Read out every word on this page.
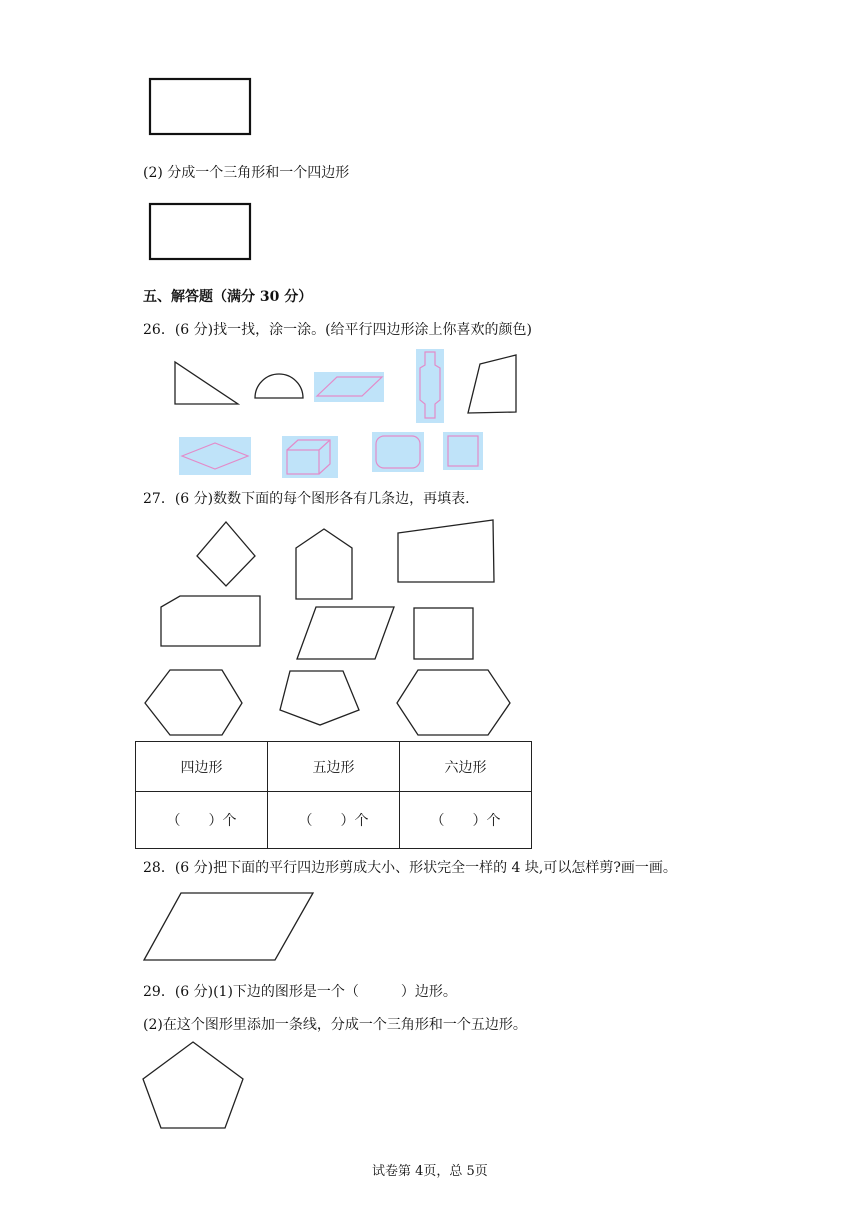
(2) 分成一个三角形和一个四边形
五、解答题（满分 30 分）
26．(6 分)找一找，涂一涂。(给平行四边形涂上你喜欢的颜色)
27．(6 分)数数下面的每个图形各有几条边，再填表.
四边形	五边形	六边形
（　　）个	（　　）个	（　　）个
28．(6 分)把下面的平行四边形剪成大小、形状完全一样的 4 块,可以怎样剪?画一画。
29．(6 分)(1)下边的图形是一个（　　　）边形。
(2)在这个图形里添加一条线，分成一个三角形和一个五边形。
试卷第 4页，总 5页
